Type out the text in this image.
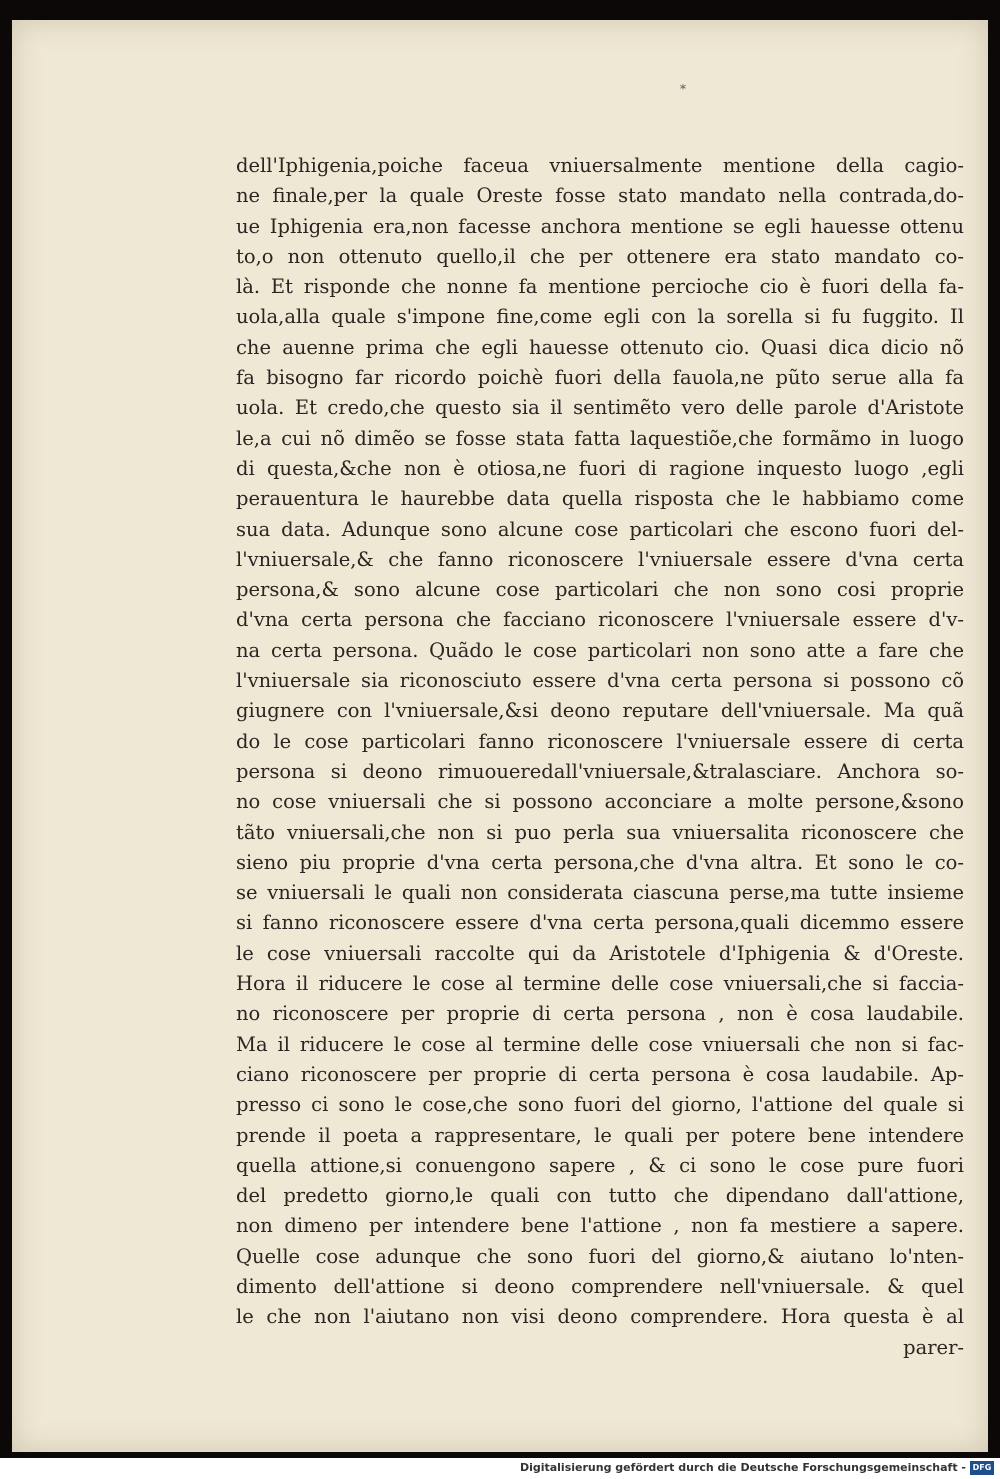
*
dell'Iphigenia,poiche faceua vniuersalmente mentione della cagio-
ne finale,per la quale Oreste fosse stato mandato nella contrada,do-
ue Iphigenia era,non facesse anchora mentione se egli hauesse ottenu
to,o non ottenuto quello,il che per ottenere era stato mandato co-
là. Et risponde che nonne fa mentione percioche cio è fuori della fa-
uola,alla quale s'impone fine,come egli con la sorella si fu fuggito. Il
che auenne prima che egli hauesse ottenuto cio. Quasi dica dicio nõ
fa bisogno far ricordo poichè fuori della fauola,ne pũto serue alla fa
uola. Et credo,che questo sia il sentimẽto vero delle parole d'Aristote
le,a cui nõ dimẽo se fosse stata fatta laquestiõe,che formãmo in luogo
di questa,&che non è otiosa,ne fuori di ragione inquesto luogo ,egli
perauentura le haurebbe data quella risposta che le habbiamo come
sua data. Adunque sono alcune cose particolari che escono fuori del-
l'vniuersale,& che fanno riconoscere l'vniuersale essere d'vna certa
persona,& sono alcune cose particolari che non sono cosi proprie
d'vna certa persona che facciano riconoscere l'vniuersale essere d'v-
na certa persona. Quãdo le cose particolari non sono atte a fare che
l'vniuersale sia riconosciuto essere d'vna certa persona si possono cõ
giugnere con l'vniuersale,&si deono reputare dell'vniuersale. Ma quã
do le cose particolari fanno riconoscere l'vniuersale essere di certa
persona si deono rimuoueredall'vniuersale,&tralasciare. Anchora so-
no cose vniuersali che si possono acconciare a molte persone,&sono
tãto vniuersali,che non si puo perla sua vniuersalita riconoscere che
sieno piu proprie d'vna certa persona,che d'vna altra. Et sono le co-
se vniuersali le quali non considerata ciascuna perse,ma tutte insieme
si fanno riconoscere essere d'vna certa persona,quali dicemmo essere
le cose vniuersali raccolte qui da Aristotele d'Iphigenia & d'Oreste.
Hora il riducere le cose al termine delle cose vniuersali,che si faccia-
no riconoscere per proprie di certa persona , non è cosa laudabile.
Ma il riducere le cose al termine delle cose vniuersali che non si fac-
ciano riconoscere per proprie di certa persona è cosa laudabile. Ap-
presso ci sono le cose,che sono fuori del giorno, l'attione del quale si
prende il poeta a rappresentare, le quali per potere bene intendere
quella attione,si conuengono sapere , & ci sono le cose pure fuori
del predetto giorno,le quali con tutto che dipendano dall'attione,
non dimeno per intendere bene l'attione , non fa mestiere a sapere.
Quelle cose adunque che sono fuori del giorno,& aiutano lo'nten-
dimento dell'attione si deono comprendere nell'vniuersale. & quel
le che non l'aiutano non visi deono comprendere. Hora questa è al
parer-
Digitalisierung gefördert durch die Deutsche Forschungsgemeinschaft - DFG
